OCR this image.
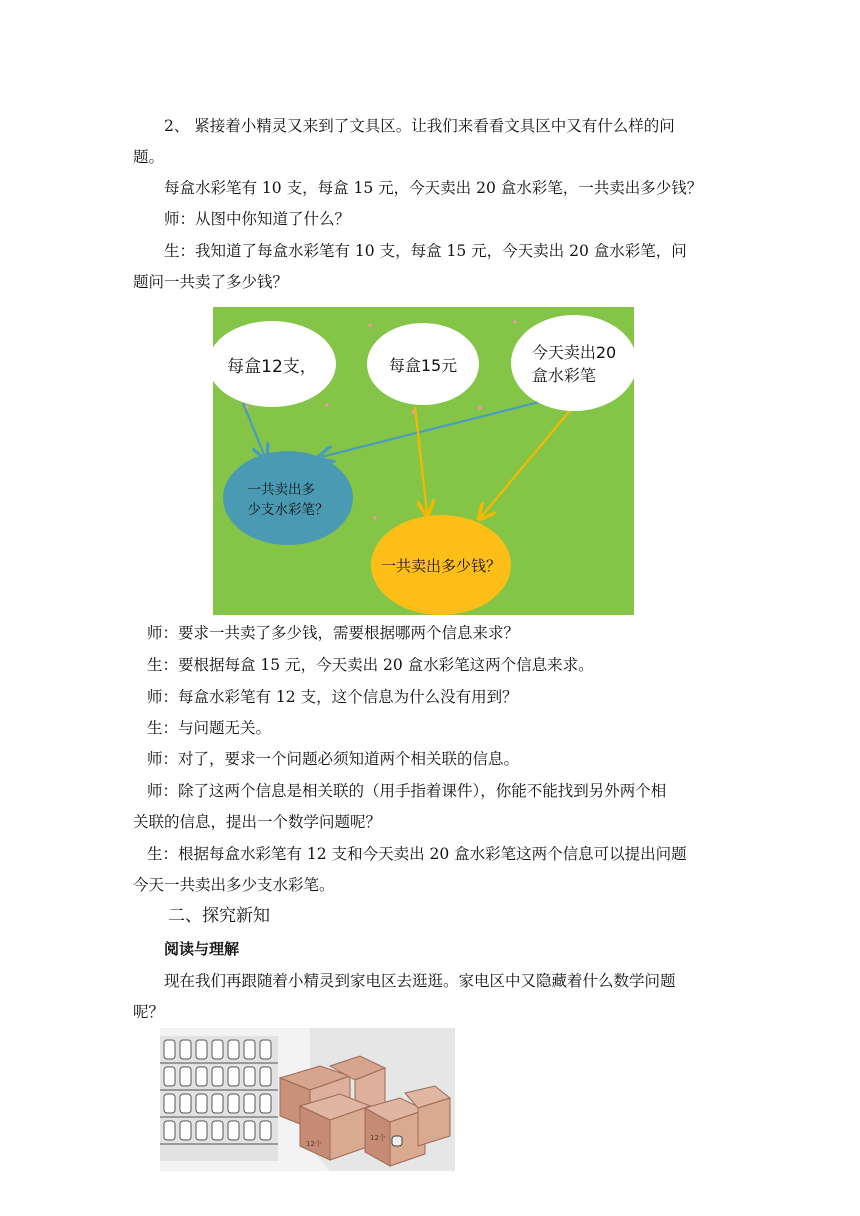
2、 紧接着小精灵又来到了文具区。让我们来看看文具区中又有什么样的问
题。
每盒水彩笔有 10 支，每盒 15 元，今天卖出 20 盒水彩笔，一共卖出多少钱？
师：从图中你知道了什么？
生：我知道了每盒水彩笔有 10 支，每盒 15 元，今天卖出 20 盒水彩笔，问
题问一共卖了多少钱？
每盒12支，	每盒15元
今天卖出20
盒水彩笔
一共卖出多
少支水彩笔？
一共卖出多少钱？
师：要求一共卖了多少钱，需要根据哪两个信息来求？
生：要根据每盒 15 元，今天卖出 20 盒水彩笔这两个信息来求。
师：每盒水彩笔有 12 支，这个信息为什么没有用到？
生：与问题无关。
师：对了，要求一个问题必须知道两个相关联的信息。
师：除了这两个信息是相关联的（用手指着课件），你能不能找到另外两个相
关联的信息，提出一个数学问题呢？
生：根据每盒水彩笔有 12 支和今天卖出 20 盒水彩笔这两个信息可以提出问题
今天一共卖出多少支水彩笔。
二、探究新知
阅读与理解
现在我们再跟随着小精灵到家电区去逛逛。家电区中又隐藏着什么数学问题
呢？
12个
12个
